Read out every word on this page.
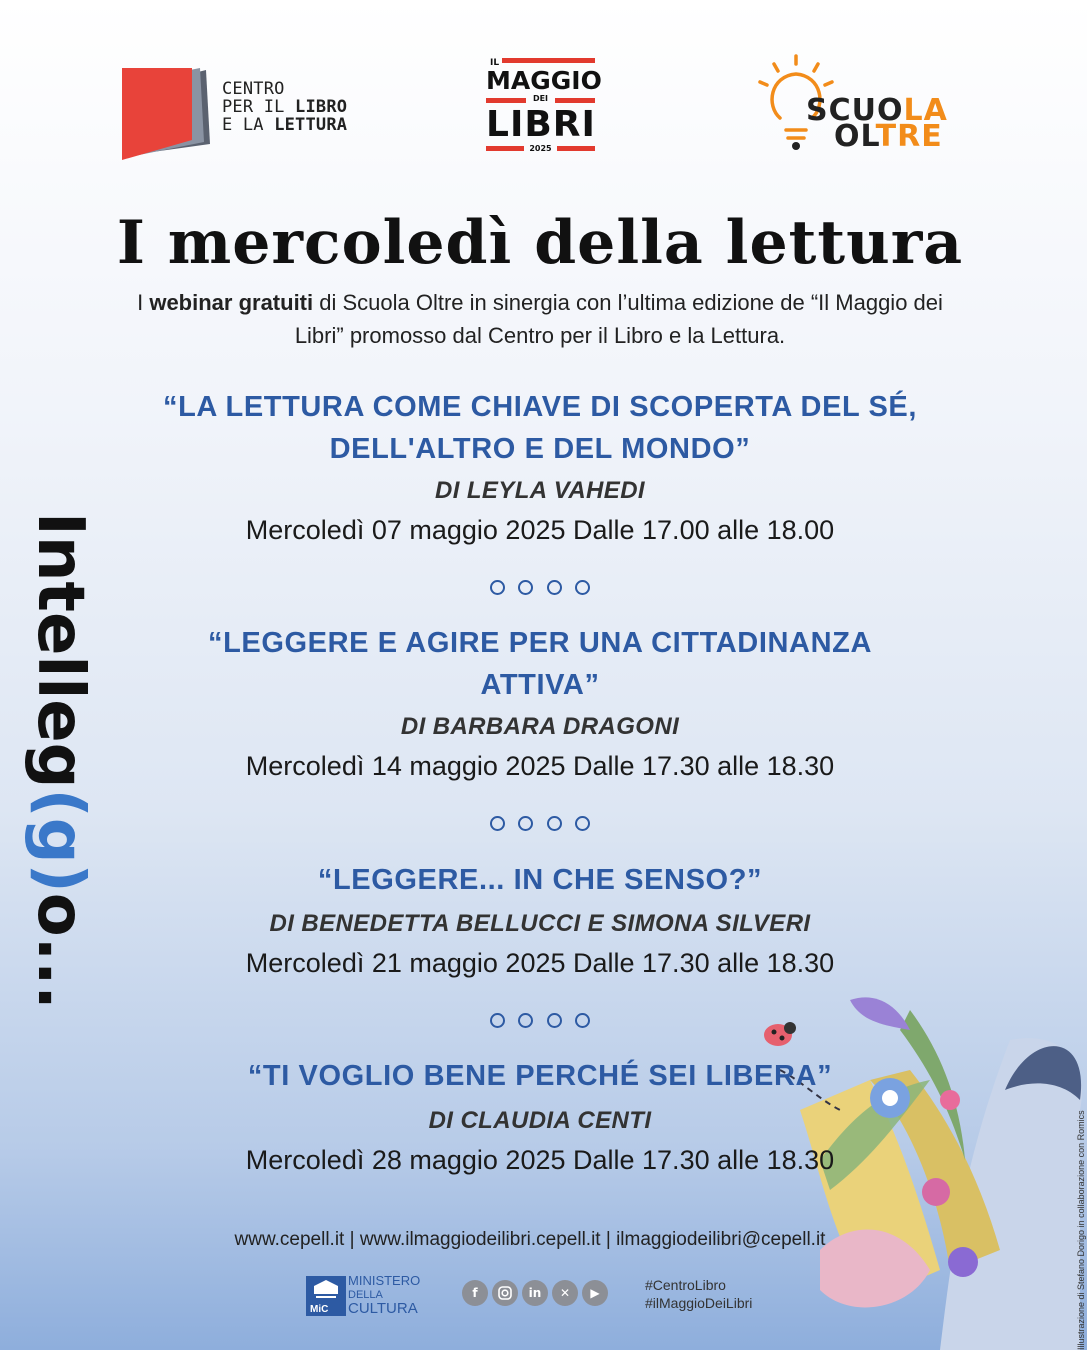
CENTRO
PER IL LIBRO
E LA LETTURA
IL
MAGGIO
DEI
LIBRI
2025
SCUOLA
OLTRE
I mercoledì della lettura
I webinar gratuiti di Scuola Oltre in sinergia con l’ultima edizione de “Il Maggio dei Libri” promosso dal Centro per il Libro e la Lettura.
“LA LETTURA COME CHIAVE DI SCOPERTA DEL SÉ,
DELL'ALTRO E DEL MONDO”
DI LEYLA VAHEDI
Mercoledì 07 maggio 2025 Dalle 17.00 alle 18.00
“LEGGERE E AGIRE PER UNA CITTADINANZA
ATTIVA”
DI BARBARA DRAGONI
Mercoledì 14 maggio 2025 Dalle 17.30 alle 18.30
“LEGGERE... IN CHE SENSO?”
DI BENEDETTA BELLUCCI E SIMONA SILVERI
Mercoledì 21 maggio 2025 Dalle 17.30 alle 18.30
“TI VOGLIO BENE PERCHÉ SEI LIBERA”
DI CLAUDIA CENTI
Mercoledì 28 maggio 2025 Dalle 17.30 alle 18.30
Intelleg(g)o...
Illustrazione di Stefano Dorigo in collaborazione con Romics
www.cepell.it | www.ilmaggiodeilibri.cepell.it | ilmaggiodeilibri@cepell.it
MiC
MINISTERO
DELLA
CULTURA
f	in	✕	▶	#CentroLibro
#ilMaggioDeiLibri
